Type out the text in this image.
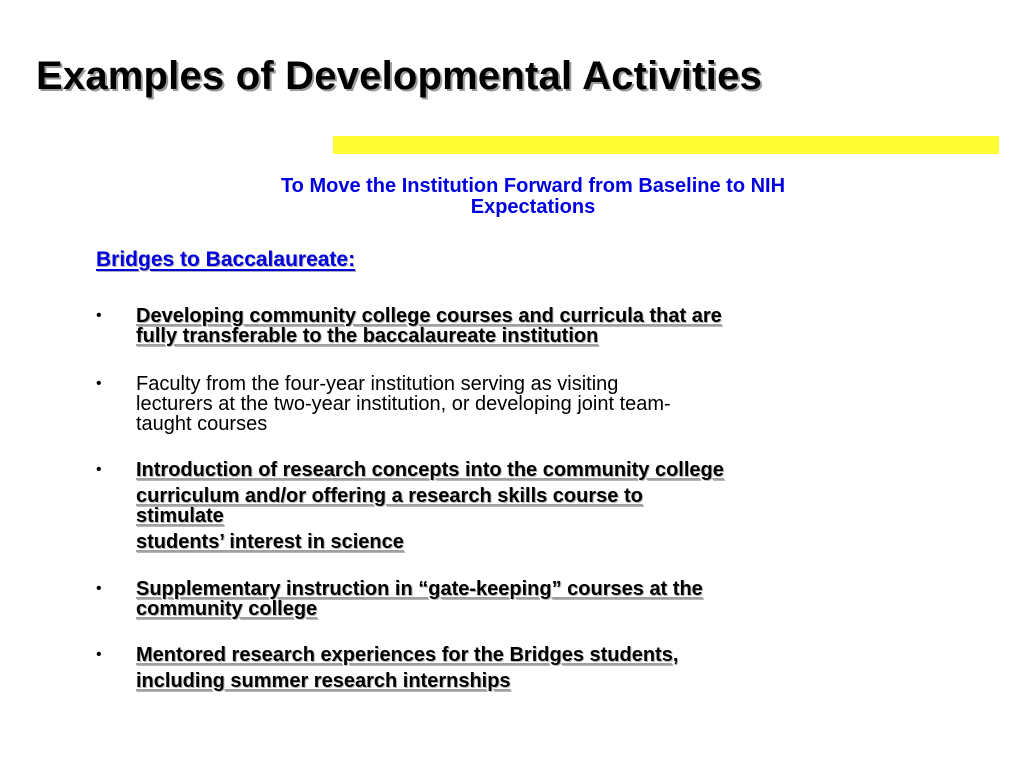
Examples of Developmental Activities

To Move the Institution Forward from Baseline to NIH
Expectations

Bridges to Baccalaureate:
• Developing community college courses and curricula that are
fully transferable to the baccalaureate institution
• Faculty from the four-year institution serving as visiting
lecturers at the two-year institution, or developing joint team-
taught courses
• Introduction of research concepts into the community college
curriculum and/or offering a research skills course to
stimulate
students’ interest in science
• Supplementary instruction in “gate-keeping” courses at the
community college
• Mentored research experiences for the Bridges students,
including summer research internships
